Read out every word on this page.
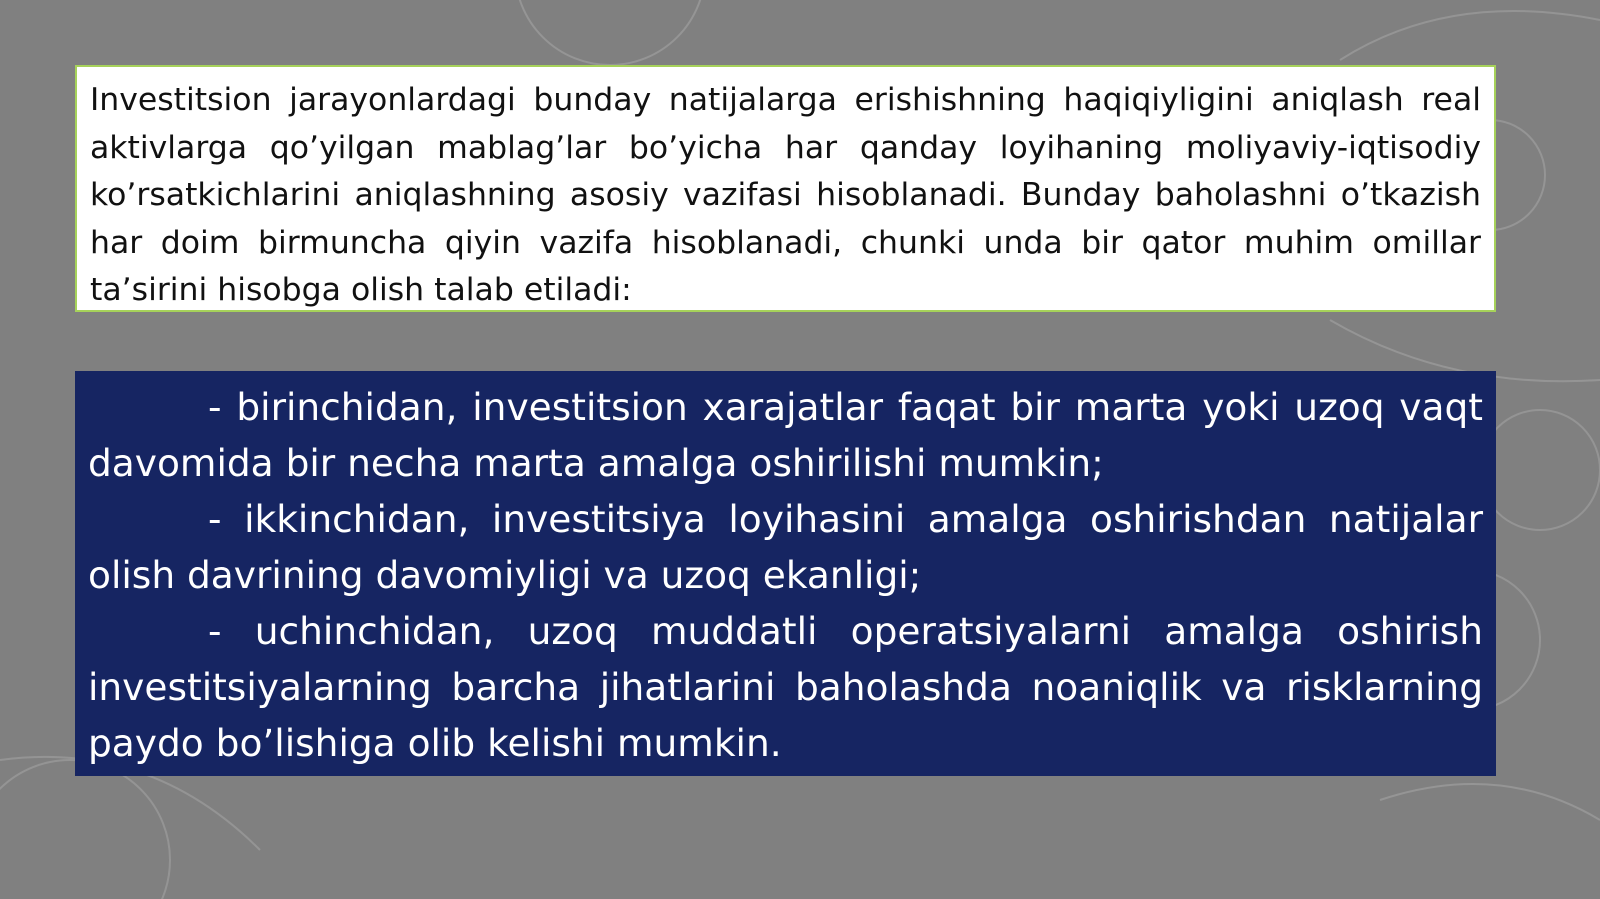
Investitsion jarayonlardagi bunday natijalarga erishishning haqiqiyligini aniqlash real aktivlarga qo’yilgan mablag’lar bo’yicha har qanday loyihaning moliyaviy-iqtisodiy ko’rsatkichlarini aniqlashning asosiy vazifasi hisoblanadi. Bunday baholashni o’tkazish har doim birmuncha qiyin vazifa hisoblanadi, chunki unda bir qator muhim omillar ta’sirini hisobga olish talab etiladi:

- birinchidan, investitsion xarajatlar faqat bir marta yoki uzoq vaqt davomida bir necha marta amalga oshirilishi mumkin;

- ikkinchidan, investitsiya loyihasini amalga oshirishdan natijalar olish davrining davomiyligi va uzoq ekanligi;

- uchinchidan, uzoq muddatli operatsiyalarni amalga oshirish investitsiyalarning barcha jihatlarini baholashda noaniqlik va risklarning paydo bo’lishiga olib kelishi mumkin.
